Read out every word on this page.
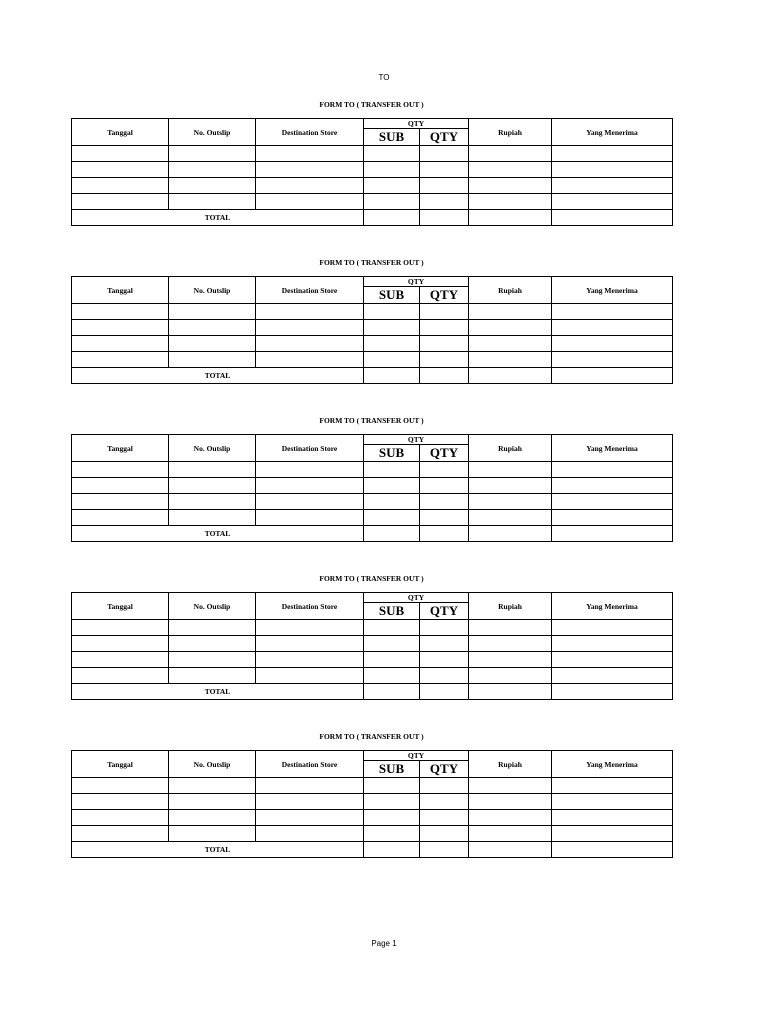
TO
FORM TO ( TRANSFER OUT )
Tanggal	No. Outslip	Destination Store	QTY		Rupiah	Yang Menerima
			SUB	QTY		

TOTAL						
FORM TO ( TRANSFER OUT )
Tanggal	No. Outslip	Destination Store	QTY		Rupiah	Yang Menerima
			SUB	QTY		

TOTAL						
FORM TO ( TRANSFER OUT )
Tanggal	No. Outslip	Destination Store	QTY		Rupiah	Yang Menerima
			SUB	QTY		

TOTAL						
FORM TO ( TRANSFER OUT )
Tanggal	No. Outslip	Destination Store	QTY		Rupiah	Yang Menerima
			SUB	QTY		

TOTAL						
FORM TO ( TRANSFER OUT )
Tanggal	No. Outslip	Destination Store	QTY		Rupiah	Yang Menerima
			SUB	QTY		

TOTAL						
Page 1
